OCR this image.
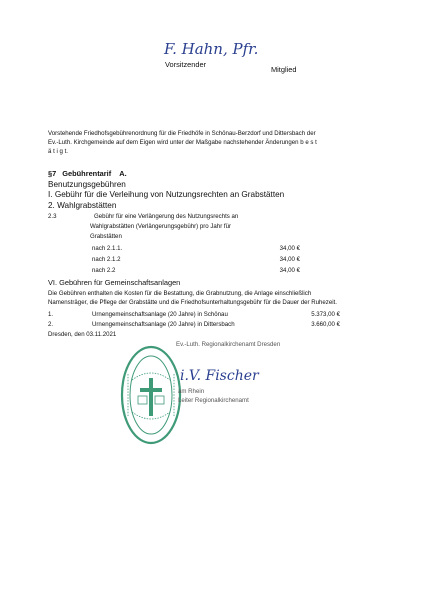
F. Hahn, Pfr.
Vorsitzender
Mitglied
Vorstehende Friedhofsgebührenordnung für die Friedhöfe in Schönau-Berzdorf und Dittersbach der
Ev.-Luth. Kirchgemeinde auf dem Eigen wird unter der Maßgabe nachstehender Änderungen b e s t
ä t i g t.
§7 Gebührentarif A.
Benutzungsgebühren
I. Gebühr für die Verleihung von Nutzungsrechten an Grabstätten
2. Wahlgrabstätten
2.3	Gebühr für eine Verlängerung des Nutzungsrechts an
Wahlgrabstätten (Verlängerungsgebühr) pro Jahr für
Grabstätten
nach 2.1.1.	34,00 €
nach 2.1.2	34,00 €
nach 2.2	34,00 €
VI. Gebühren für Gemeinschaftsanlagen
Die Gebühren enthalten die Kosten für die Bestattung, die Grabnutzung, die Anlage einschließlich
Namensträger, die Pflege der Grabstätte und die Friedhofsunterhaltungsgebühr für die Dauer der Ruhezeit.
1.	Urnengemeinschaftsanlage (20 Jahre) in Schönau	5.373,00 €
2.	Urnengemeinschaftsanlage (20 Jahre) in Dittersbach	3.660,00 €
Dresden, den 03.11.2021
Ev.-Luth. Regionalkirchenamt Dresden
i.V. Fischer
am Rhein
Leiter Regionalkirchenamt
